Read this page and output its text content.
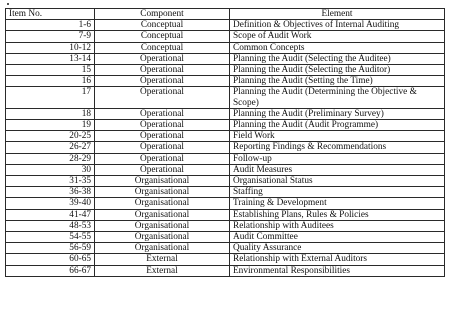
Item No.	Component	Element
1-6	Conceptual	Definition & Objectives of Internal Auditing
7-9	Conceptual	Scope of Audit Work
10-12	Conceptual	Common Concepts
13-14	Operational	Planning the Audit (Selecting the Auditee)
15	Operational	Planning the Audit (Selecting the Auditor)
16	Operational	Planning the Audit (Setting the Time)
17	Operational	Planning the Audit (Determining the Objective & Scope)
18	Operational	Planning the Audit (Preliminary Survey)
19	Operational	Planning the Audit (Audit Programme)
20-25	Operational	Field Work
26-27	Operational	Reporting Findings & Recommendations
28-29	Operational	Follow-up
30	Operational	Audit Measures
31-35	Organisational	Organisational Status
36-38	Organisational	Staffing
39-40	Organisational	Training & Development
41-47	Organisational	Establishing Plans, Rules & Policies
48-53	Organisational	Relationship with Auditees
54-55	Organisational	Audit Committee
56-59	Organisational	Quality Assurance
60-65	External	Relationship with External Auditors
66-67	External	Environmental Responsibilities
